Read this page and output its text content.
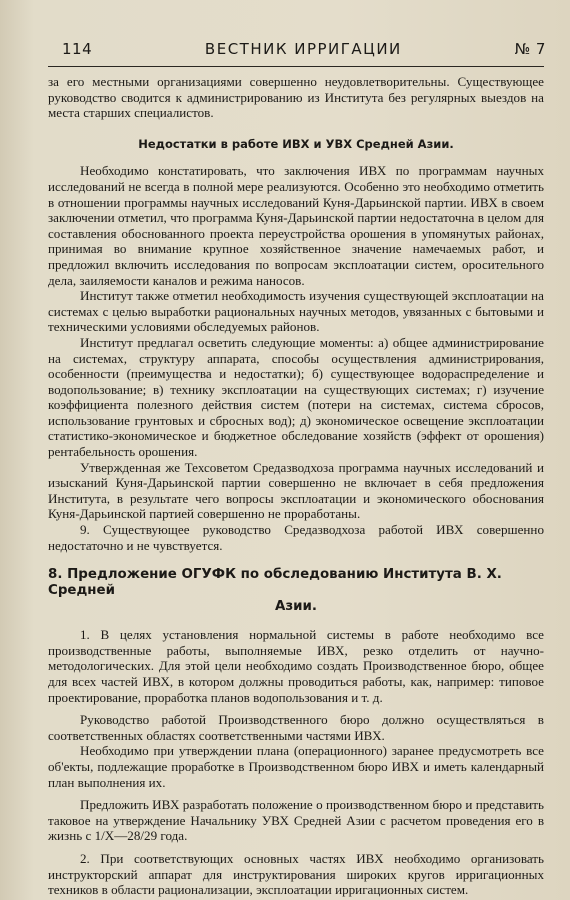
114	ВЕСТНИК ИРРИГАЦИИ	№ 7

за его местными организациями совершенно неудовлетворительны. Существующее руководство сводится к администрированию из Института без регулярных выездов на места старших специалистов.

Недостатки в работе ИВХ и УВХ Средней Азии.

Необходимо констатировать, что заключения ИВХ по программам научных исследований не всегда в полной мере реализуются. Особенно это необходимо отметить в отношении программы научных исследований Куня-Дарьинской партии. ИВХ в своем заключении отметил, что программа Куня-Дарьинской партии недостаточна в целом для составления обоснованного проекта переустройства орошения в упомянутых районах, принимая во внимание крупное хозяйственное значение намечаемых работ, и предложил включить исследования по вопросам эксплоатации систем, оросительного дела, заиляемости каналов и режима наносов.

Институт также отметил необходимость изучения существующей эксплоатации на системах с целью выработки рациональных научных методов, увязанных с бытовыми и техническими условиями обследуемых районов.

Институт предлагал осветить следующие моменты: а) общее администрирование на системах, структуру аппарата, способы осуществления администрирования, особенности (преимущества и недостатки); б) существующее водораспределение и водопользование; в) технику эксплоатации на существующих системах; г) изучение коэффициента полезного действия систем (потери на системах, система сбросов, использование грунтовых и сбросных вод); д) экономическое освещение эксплоатации статистико-экономическое и бюджетное обследование хозяйств (эффект от орошения) рентабельность орошения.

Утвержденная же Техсоветом Средазводхоза программа научных исследований и изысканий Куня-Дарьинской партии совершенно не включает в себя предложения Института, в результате чего вопросы эксплоатации и экономического обоснования Куня-Дарьинской партией совершенно не проработаны.

9. Существующее руководство Средазводхоза работой ИВХ совершенно недостаточно и не чувствуется.

8. Предложение ОГУФК по обследованию Института В. Х. Средней
Азии.

1. В целях установления нормальной системы в работе необходимо все производственные работы, выполняемые ИВХ, резко отделить от научно-методологических. Для этой цели необходимо создать Производственное бюро, общее для всех частей ИВХ, в котором должны проводиться работы, как, например: типовое проектирование, проработка планов водопользования и т. д.

Руководство работой Производственного бюро должно осуществляться в соответственных областях соответственными частями ИВХ.

Необходимо при утверждении плана (операционного) заранее предусмотреть все об'екты, подлежащие проработке в Производственном бюро ИВХ и иметь календарный план выполнения их.

Предложить ИВХ разработать положение о производственном бюро и представить таковое на утверждение Начальнику УВХ Средней Азии с расчетом проведения его в жизнь с 1/X—28/29 года.

2. При соответствующих основных частях ИВХ необходимо организовать инструкторский аппарат для инструктирования широких кругов ирригационных техников в области рационализации, эксплоатации ирригационных систем.
